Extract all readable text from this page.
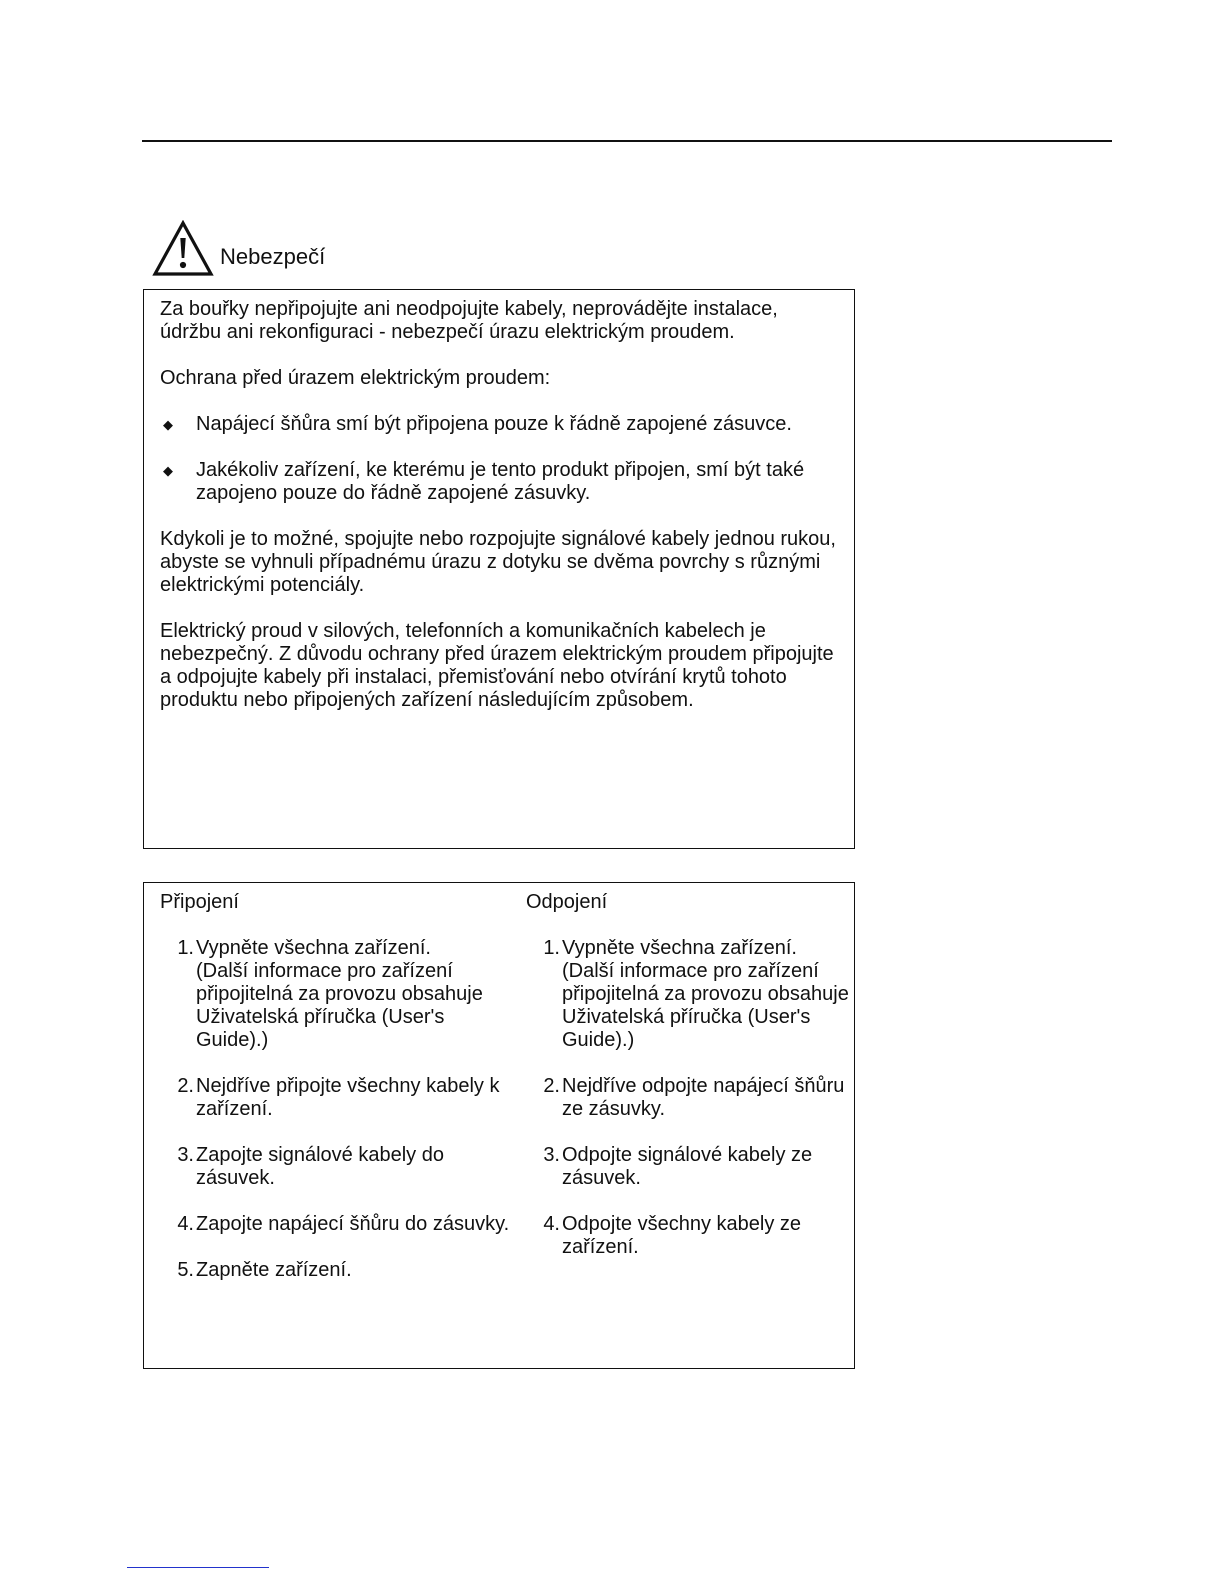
Nebezpečí

Za bouřky nepřipojujte ani neodpojujte kabely, neprovádějte instalace, údržbu ani rekonfiguraci - nebezpečí úrazu elektrickým proudem.

Ochrana před úrazem elektrickým proudem:

◆	Napájecí šňůra smí být připojena pouze k řádně zapojené zásuvce.
◆	Jakékoliv zařízení, ke kterému je tento produkt připojen, smí být také zapojeno pouze do řádně zapojené zásuvky.

Kdykoli je to možné, spojujte nebo rozpojujte signálové kabely jednou rukou, abyste se vyhnuli případnému úrazu z dotyku se dvěma povrchy s různými elektrickými potenciály.

Elektrický proud v silových, telefonních a komunikačních kabelech je nebezpečný. Z důvodu ochrany před úrazem elektrickým proudem připojujte a odpojujte kabely při instalaci, přemisťování nebo otvírání krytů tohoto produktu nebo připojených zařízení následujícím způsobem.

Připojení

1. Vypněte všechna zařízení.
(Další informace pro zařízení připojitelná za provozu obsahuje Uživatelská příručka (User's Guide).)
2. Nejdříve připojte všechny kabely k zařízení.
3. Zapojte signálové kabely do zásuvek.
4. Zapojte napájecí šňůru do zásuvky.
5. Zapněte zařízení.

Odpojení

1. Vypněte všechna zařízení.
(Další informace pro zařízení připojitelná za provozu obsahuje Uživatelská příručka (User's Guide).)
2. Nejdříve odpojte napájecí šňůru ze zásuvky.
3. Odpojte signálové kabely ze zásuvek.
4. Odpojte všechny kabely ze zařízení.
